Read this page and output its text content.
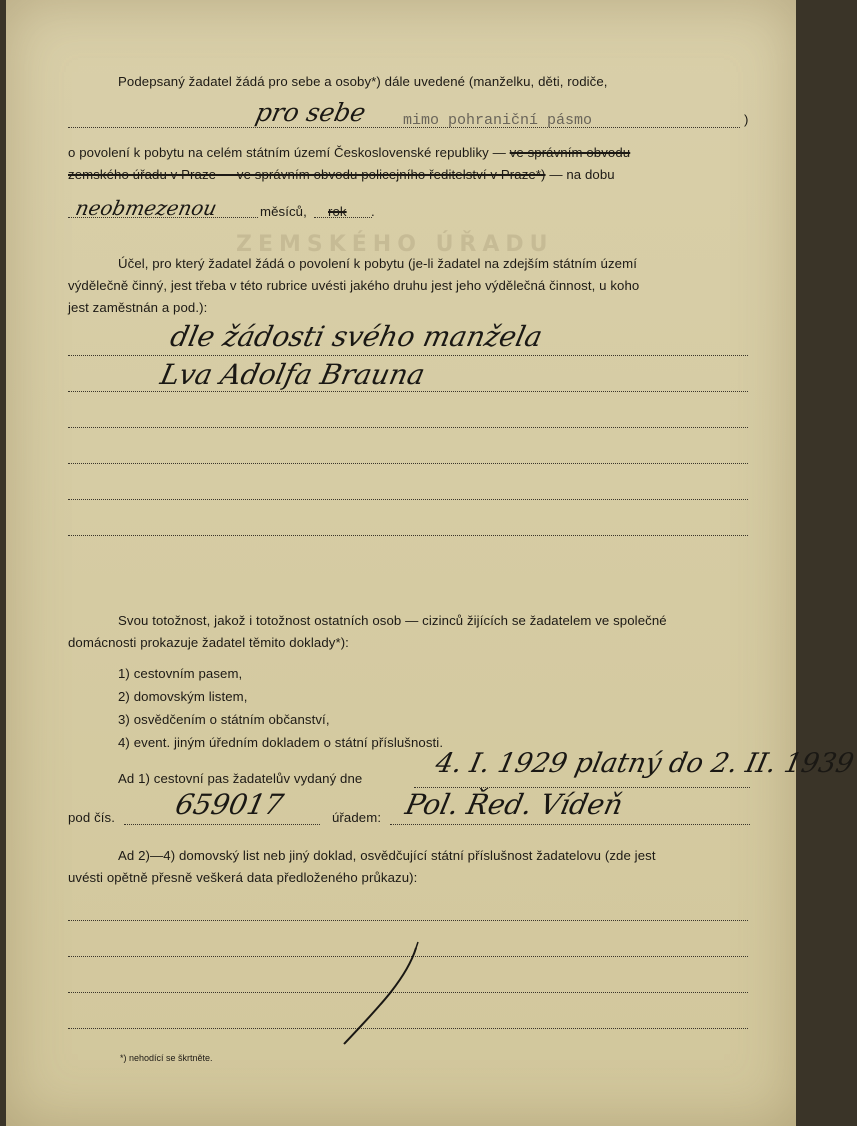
ZEMSKÉHO ÚŘADU
Podepsaný žadatel žádá pro sebe a osoby*) dále uvedené (manželku, děti, rodiče,
pro sebe mimo pohraniční pásmo	)
o povolení k pobytu na celém státním území Československé republiky — ve správním obvodu
zemského úřadu v Praze — ve správním obvodu policejního ředitelství v Praze*) — na dobu
neobmezenou	měsíců, rok .
Účel, pro který žadatel žádá o povolení k pobytu (je-li žadatel na zdejším státním území
výdělečně činný, jest třeba v této rubrice uvésti jakého druhu jest jeho výdělečná činnost, u koho
jest zaměstnán a pod.):
dle žádosti svého manžela
Lva Adolfa Brauna
Svou totožnost, jakož i totožnost ostatních osob — cizinců žijících se žadatelem ve společné
domácnosti prokazuje žadatel těmito doklady*):
1) cestovním pasem,
2) domovským listem,
3) osvědčením o státním občanství,
4) event. jiným úředním dokladem o státní příslušnosti.
Ad 1) cestovní pas žadatelův vydaný dne	4. I. 1929 platný do 2. II. 1939
pod čís. 659017	úřadem: Pol. Řed. Vídeň
Ad 2)—4) domovský list neb jiný doklad, osvědčující státní příslušnost žadatelovu (zde jest
uvésti opětně přesně veškerá data předloženého průkazu):
*) nehodící se škrtněte.
